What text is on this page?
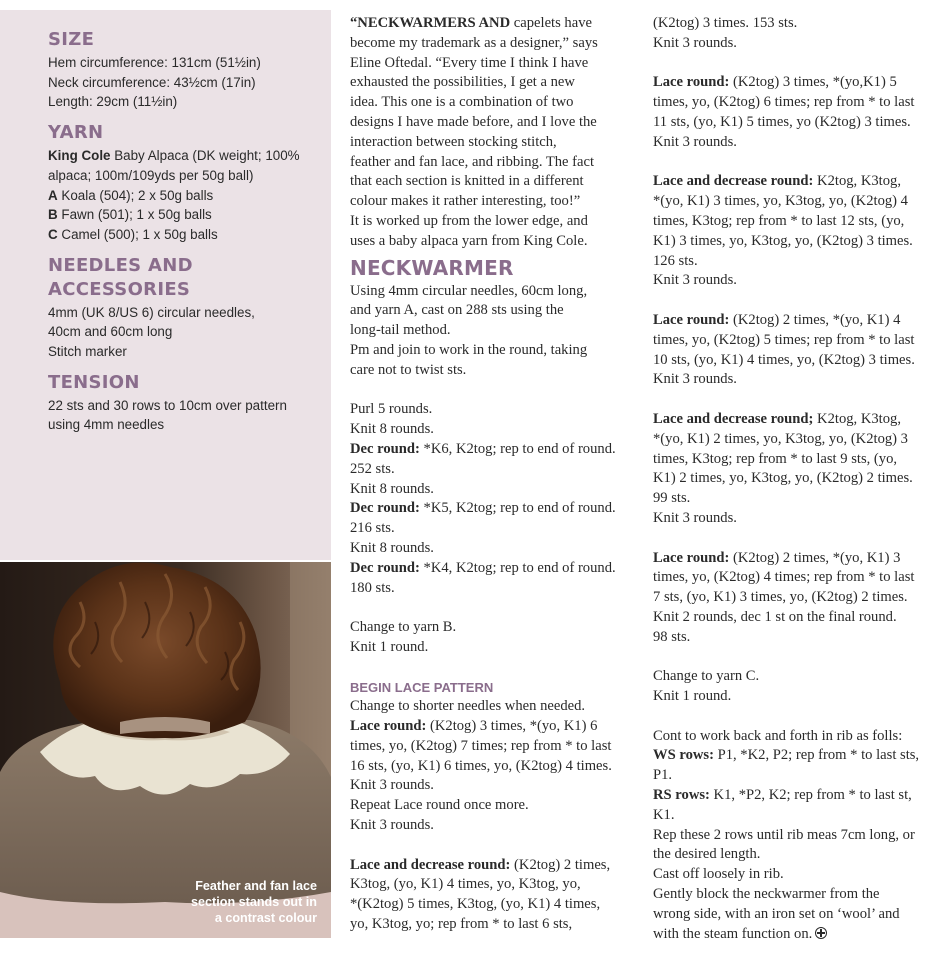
SIZE
Hem circumference: 131cm (51½in)
Neck circumference: 43½cm (17in)
Length: 29cm (11½in)
YARN
King Cole Baby Alpaca (DK weight; 100%
alpaca; 100m/109yds per 50g ball)
A Koala (504); 2 x 50g balls
B Fawn (501); 1 x 50g balls
C Camel (500); 1 x 50g balls
NEEDLES AND ACCESSORIES
4mm (UK 8/US 6) circular needles,
40cm and 60cm long
Stitch marker
TENSION
22 sts and 30 rows to 10cm over pattern
using 4mm needles
Feather and fan lace
section stands out in
a contrast colour
“NECKWARMERS AND capelets have
become my trademark as a designer,” says
Eline Oftedal. “Every time I think I have
exhausted the possibilities, I get a new
idea. This one is a combination of two
designs I have made before, and I love the
interaction between stocking stitch,
feather and fan lace, and ribbing. The fact
that each section is knitted in a different
colour makes it rather interesting, too!”
It is worked up from the lower edge, and
uses a baby alpaca yarn from King Cole.
NECKWARMER
Using 4mm circular needles, 60cm long,
and yarn A, cast on 288 sts using the
long-tail method.
Pm and join to work in the round, taking
care not to twist sts.
Purl 5 rounds.
Knit 8 rounds.
Dec round: *K6, K2tog; rep to end of round.
252 sts.
Knit 8 rounds.
Dec round: *K5, K2tog; rep to end of round.
216 sts.
Knit 8 rounds.
Dec round: *K4, K2tog; rep to end of round.
180 sts.
Change to yarn B.
Knit 1 round.
BEGIN LACE PATTERN
Change to shorter needles when needed.
Lace round: (K2tog) 3 times, *(yo, K1) 6
times, yo, (K2tog) 7 times; rep from * to last
16 sts, (yo, K1) 6 times, yo, (K2tog) 4 times.
Knit 3 rounds.
Repeat Lace round once more.
Knit 3 rounds.
Lace and decrease round: (K2tog) 2 times,
K3tog, (yo, K1) 4 times, yo, K3tog, yo,
*(K2tog) 5 times, K3tog, (yo, K1) 4 times,
yo, K3tog, yo; rep from * to last 6 sts,
(K2tog) 3 times. 153 sts.
Knit 3 rounds.
Lace round: (K2tog) 3 times, *(yo,K1) 5
times, yo, (K2tog) 6 times; rep from * to last
11 sts, (yo, K1) 5 times, yo (K2tog) 3 times.
Knit 3 rounds.
Lace and decrease round: K2tog, K3tog,
*(yo, K1) 3 times, yo, K3tog, yo, (K2tog) 4
times, K3tog; rep from * to last 12 sts, (yo,
K1) 3 times, yo, K3tog, yo, (K2tog) 3 times.
126 sts.
Knit 3 rounds.
Lace round: (K2tog) 2 times, *(yo, K1) 4
times, yo, (K2tog) 5 times; rep from * to last
10 sts, (yo, K1) 4 times, yo, (K2tog) 3 times.
Knit 3 rounds.
Lace and decrease round; K2tog, K3tog,
*(yo, K1) 2 times, yo, K3tog, yo, (K2tog) 3
times, K3tog; rep from * to last 9 sts, (yo,
K1) 2 times, yo, K3tog, yo, (K2tog) 2 times.
99 sts.
Knit 3 rounds.
Lace round: (K2tog) 2 times, *(yo, K1) 3
times, yo, (K2tog) 4 times; rep from * to last
7 sts, (yo, K1) 3 times, yo, (K2tog) 2 times.
Knit 2 rounds, dec 1 st on the final round.
98 sts.
Change to yarn C.
Knit 1 round.
Cont to work back and forth in rib as folls:
WS rows: P1, *K2, P2; rep from * to last sts,
P1.
RS rows: K1, *P2, K2; rep from * to last st,
K1.
Rep these 2 rows until rib meas 7cm long, or
the desired length.
Cast off loosely in rib.
Gently block the neckwarmer from the
wrong side, with an iron set on ‘wool’ and
with the steam function on.
